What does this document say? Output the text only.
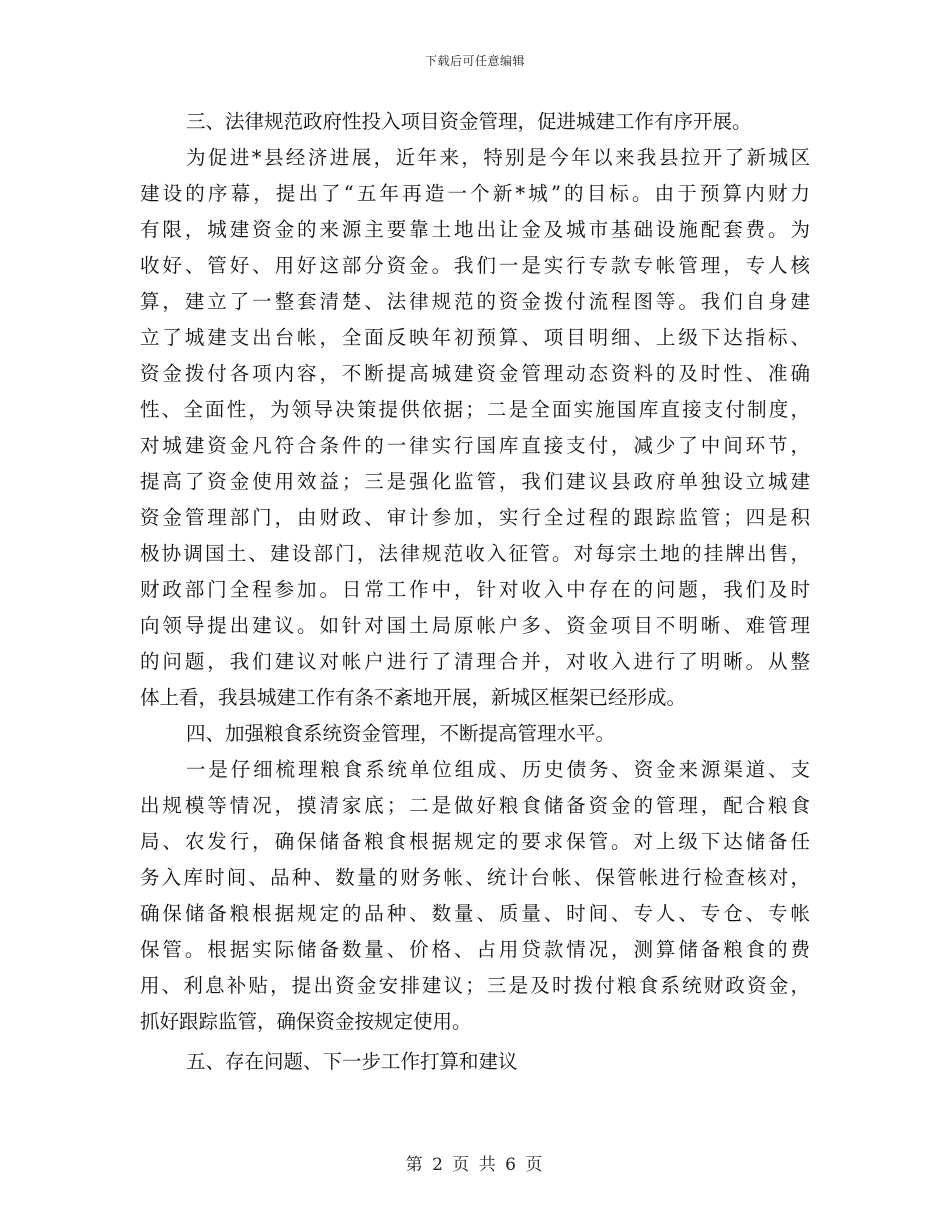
下载后可任意编辑
三、法律规范政府性投入项目资金管理，促进城建工作有序开展。
为促进*县经济进展，近年来，特别是今年以来我县拉开了新城区
建设的序幕，提出了“五年再造一个新*城”的目标。由于预算内财力
有限，城建资金的来源主要靠土地出让金及城市基础设施配套费。为
收好、管好、用好这部分资金。我们一是实行专款专帐管理，专人核
算，建立了一整套清楚、法律规范的资金拨付流程图等。我们自身建
立了城建支出台帐，全面反映年初预算、项目明细、上级下达指标、
资金拨付各项内容，不断提高城建资金管理动态资料的及时性、准确
性、全面性，为领导决策提供依据；二是全面实施国库直接支付制度，
对城建资金凡符合条件的一律实行国库直接支付，减少了中间环节，
提高了资金使用效益；三是强化监管，我们建议县政府单独设立城建
资金管理部门，由财政、审计参加，实行全过程的跟踪监管；四是积
极协调国土、建设部门，法律规范收入征管。对每宗土地的挂牌出售，
财政部门全程参加。日常工作中，针对收入中存在的问题，我们及时
向领导提出建议。如针对国土局原帐户多、资金项目不明晰、难管理
的问题，我们建议对帐户进行了清理合并，对收入进行了明晰。从整
体上看，我县城建工作有条不紊地开展，新城区框架已经形成。
四、加强粮食系统资金管理，不断提高管理水平。
一是仔细梳理粮食系统单位组成、历史债务、资金来源渠道、支
出规模等情况，摸清家底；二是做好粮食储备资金的管理，配合粮食
局、农发行，确保储备粮食根据规定的要求保管。对上级下达储备任
务入库时间、品种、数量的财务帐、统计台帐、保管帐进行检查核对，
确保储备粮根据规定的品种、数量、质量、时间、专人、专仓、专帐
保管。根据实际储备数量、价格、占用贷款情况，测算储备粮食的费
用、利息补贴，提出资金安排建议；三是及时拨付粮食系统财政资金，
抓好跟踪监管，确保资金按规定使用。
五、存在问题、下一步工作打算和建议
第 2 页 共 6 页
